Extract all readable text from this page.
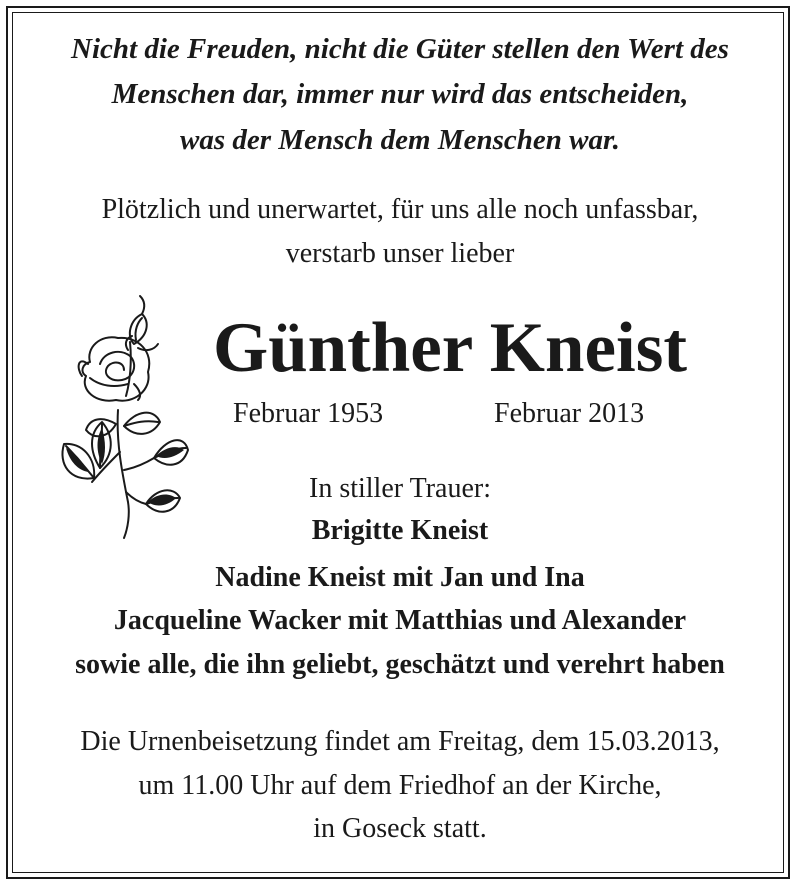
Nicht die Freuden, nicht die Güter stellen den Wert des
Menschen dar, immer nur wird das entscheiden,
was der Mensch dem Menschen war.
Plötzlich und unerwartet, für uns alle noch unfassbar,
verstarb unser lieber
Günther Kneist
Februar 1953	Februar 2013
In stiller Trauer:
Brigitte Kneist
Nadine Kneist mit Jan und Ina
Jacqueline Wacker mit Matthias und Alexander
sowie alle, die ihn geliebt, geschätzt und verehrt haben
Die Urnenbeisetzung findet am Freitag, dem 15.03.2013,
um 11.00 Uhr auf dem Friedhof an der Kirche,
in Goseck statt.
